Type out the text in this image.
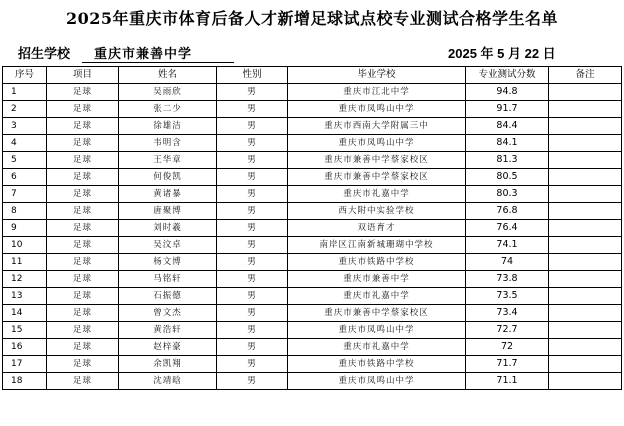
2025年重庆市体育后备人才新增足球试点校专业测试合格学生名单
招生学校	重庆市兼善中学	2025 年 5 月 22 日
序号	项目	姓名	性别	毕业学校	专业测试分数	备注
1	足球	吴雨欣	男	重庆市江北中学	94.8	
2	足球	张二少	男	重庆市凤鸣山中学	91.7	
3	足球	徐雄洁	男	重庆市西南大学附属三中	84.4	
4	足球	韦明含	男	重庆市凤鸣山中学	84.1	
5	足球	王华章	男	重庆市兼善中学蔡家校区	81.3	
6	足球	何俊凯	男	重庆市兼善中学蔡家校区	80.5	
7	足球	黄诸暴	男	重庆市礼嘉中学	80.3	
8	足球	唐聚博	男	西大附中实验学校	76.8	
9	足球	刘时羲	男	双语育才	76.4	
10	足球	吴汶卓	男	南岸区江南新城珊瑚中学校	74.1	
11	足球	杨文博	男	重庆市铁路中学校	74	
12	足球	马铭轩	男	重庆市兼善中学	73.8	
13	足球	石振德	男	重庆市礼嘉中学	73.5	
14	足球	曾文杰	男	重庆市兼善中学蔡家校区	73.4	
15	足球	黄浩轩	男	重庆市凤鸣山中学	72.7	
16	足球	赵梓豪	男	重庆市礼嘉中学	72	
17	足球	余凯翔	男	重庆市铁路中学校	71.7	
18	足球	沈靖晗	男	重庆市凤鸣山中学	71.1	
